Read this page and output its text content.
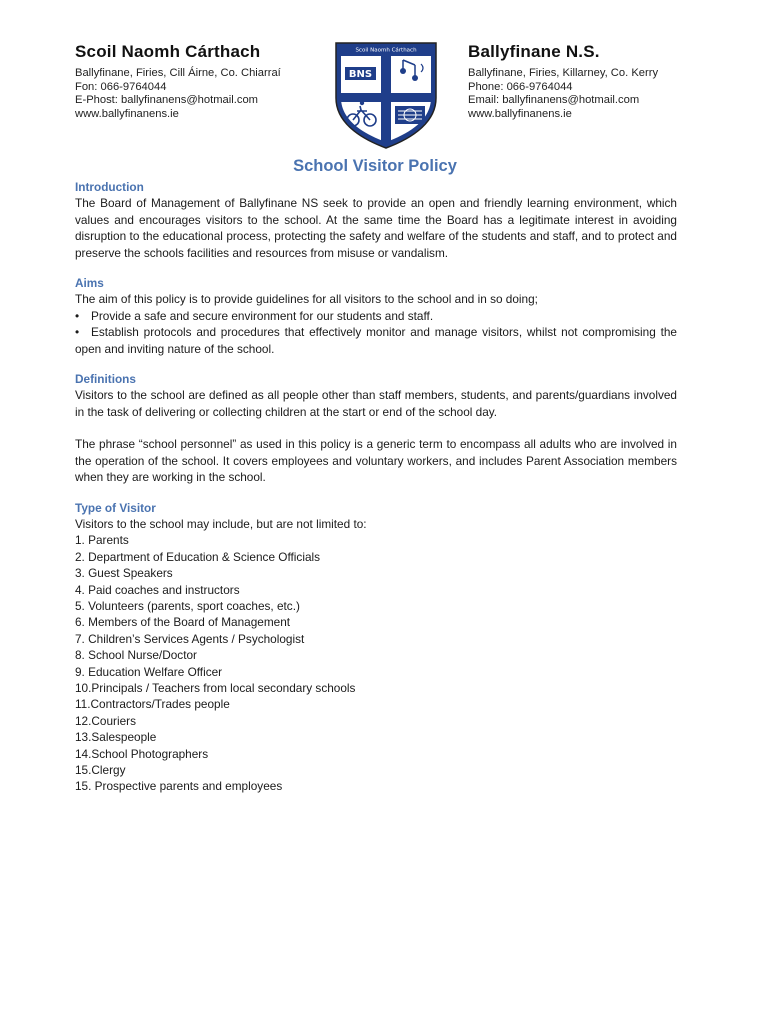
Scoil Naomh Cárthach
Ballyfinane, Firies, Cill Áirne, Co. Chiarraí
Fon: 066-9764044
E-Phost: ballyfinanens@hotmail.com
www.ballyfinanens.ie
Scoil Naomh Cárthach
BNS
Ballyfinane N.S.
Ballyfinane, Firies, Killarney, Co. Kerry
Phone: 066-9764044
Email: ballyfinanens@hotmail.com
www.ballyfinanens.ie
School Visitor Policy
Introduction
The Board of Management of Ballyfinane NS seek to provide an open and friendly learning environment, which values and encourages visitors to the school. At the same time the Board has a legitimate interest in avoiding disruption to the educational process, protecting the safety and welfare of the students and staff, and to protect and preserve the schools facilities and resources from misuse or vandalism.
Aims
The aim of this policy is to provide guidelines for all visitors to the school and in so doing;
• Provide a safe and secure environment for our students and staff.
• Establish protocols and procedures that effectively monitor and manage visitors, whilst not compromising the open and inviting nature of the school.
Definitions
Visitors to the school are defined as all people other than staff members, students, and parents/guardians involved in the task of delivering or collecting children at the start or end of the school day.
The phrase “school personnel” as used in this policy is a generic term to encompass all adults who are involved in the operation of the school. It covers employees and voluntary workers, and includes Parent Association members when they are working in the school.
Type of Visitor
Visitors to the school may include, but are not limited to:
1. Parents
2. Department of Education & Science Officials
3. Guest Speakers
4. Paid coaches and instructors
5. Volunteers (parents, sport coaches, etc.)
6. Members of the Board of Management
7. Children’s Services Agents / Psychologist
8. School Nurse/Doctor
9. Education Welfare Officer
10.Principals / Teachers from local secondary schools
11.Contractors/Trades people
12.Couriers
13.Salespeople
14.School Photographers
15.Clergy
15. Prospective parents and employees
